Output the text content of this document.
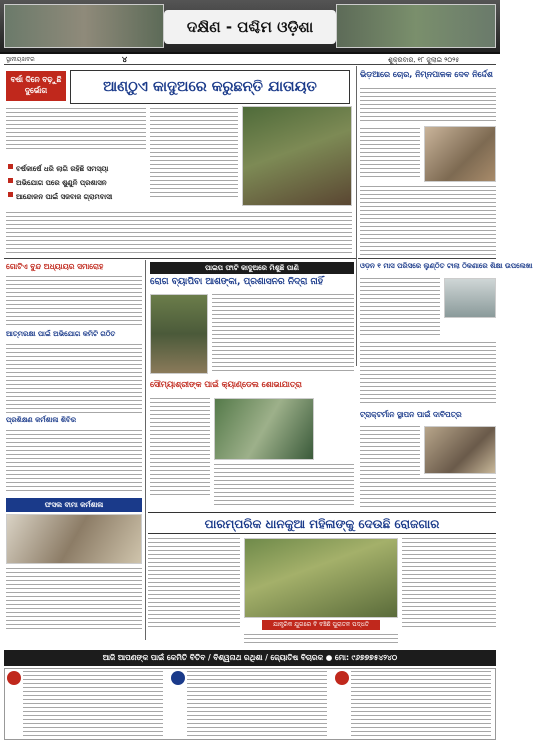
ଦକ୍ଷିଣ - ପଶ୍ଚିମ ଓଡ଼ିଶା
ସ୍ଥାନୀୟଖବର	୪	ଶୁକ୍ରବାର, ୧୮ ଜୁଲାଇ ୨୦୨୫
ବର୍ଷା ଦିନେ ବଢ଼ୁଛି ଦୁର୍ଭୋଗ	ଆଣ୍ଠୁଏ କାଦୁଅରେ କରୁଛନ୍ତି ଯାତାୟତ
ବର୍ଷକାର୍ଷେ ଧରି ଲାଗି ରହିଛି ସମସ୍ୟା
ଅଭିଯୋଗ ପରେ ଶୁଣୁନି ପ୍ରଶାସନ
ଆନ୍ଦୋଳନ ପାଇଁ ସଜବାଜ ଗ୍ରାମବାସୀ
ଭିଡ଼ଆରେ ଚୋର, ନିମ୍ନପାଳକ ଦେବ ନିର୍ଦ୍ଦେଶ
ଗୋଟିଏ ବୁନ୍ଦ ଅଧ୍ୟାୟର ସମାରୋହ
ଆତ୍ମରକ୍ଷା ପାଇଁ ଅଭିଯୋଗ କମିଟି ଗଠିତ
ପ୍ରଶିକ୍ଷଣ କର୍ମଶାଳା ଶିବିର
ଫସଲ ବୀମା କର୍ମଶାଳା
ପାଇପ ଫାଟି କାଦୁଅରେ ମିଶୁଛି ପାଣି
ରୋଗ ବ୍ୟାପିବା ଆଶଙ୍କା, ପ୍ରଶାସନର ନିଦ୍ରା ନାହିଁ
ସୌମ୍ୟାଶ୍ରୀଙ୍କ ପାଇଁ କ୍ୟାଣ୍ଡେଲ ଶୋଭାଯାତ୍ରା
ଓଡ଼ନ ୧ ମାସ ପରିସରେ ଲୁଣ୍ଠିତ ଟାଲା ଠିକଣାରେ ଶିକ୍ଷା ଉପଲେଖା
ଟ୍ରାକ୍ଟର୍ମାନ ସ୍ଥାପନ ପାଇଁ ଦାବିପତ୍ର
ପାରମ୍ପରିକ ଧାନକୁଆ ମହିଳାଙ୍କୁ ଦେଉଛି ରୋଜଗାର
ଯାନ୍ତ୍ରିକ ଯୁଗରେ ବି ବଞ୍ଚିଛି ପୁରାତନ ପଦ୍ଧତି
ଆଜି ଆପଣଙ୍କ ପାଇଁ କେମିତି ବିତିବ / ବିଶ୍ୱନାଥ ରଥିଶା / ଜ୍ୟୋତିଷ ବିଚାରକ ● ମୋ: ୯୬୭୭୭୫୪୨୪୦
